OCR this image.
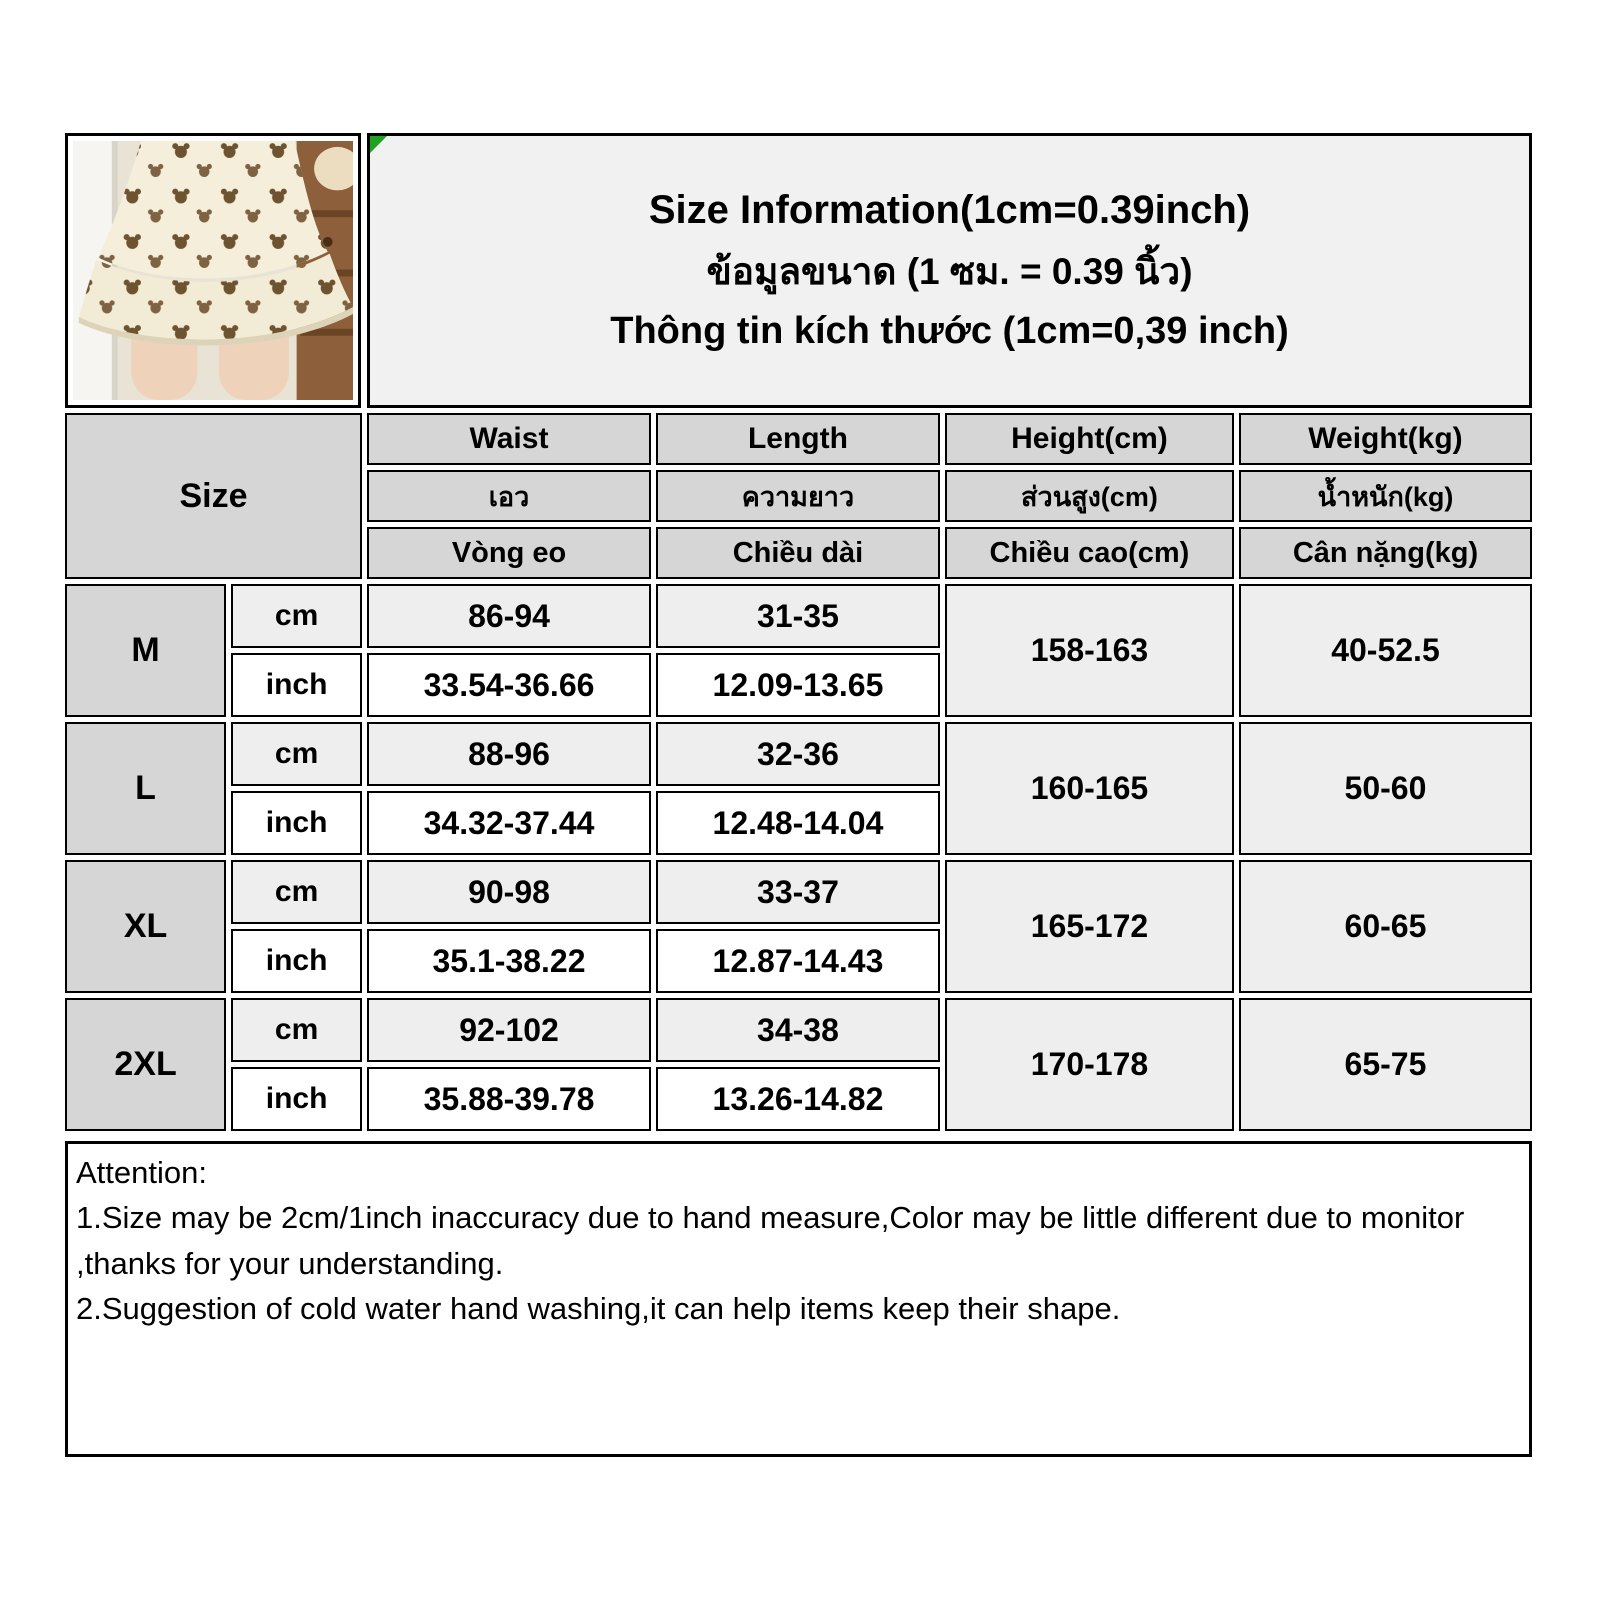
Size Information(1cm=0.39inch)
ข้อมูลขนาด (1 ซม. = 0.39 นิ้ว)
Thông tin kích thước (1cm=0,39 inch)
Size		Waist	Length	Height(cm)	Weight(kg)
		เอว	ความยาว	ส่วนสูง(cm)	น้ำหนัก(kg)
		Vòng eo	Chiều dài	Chiều cao(cm)	Cân nặng(kg)
M	cm	86-94	31-35	158-163	40-52.5
	inch	33.54-36.66	12.09-13.65		
L	cm	88-96	32-36	160-165	50-60
	inch	34.32-37.44	12.48-14.04		
XL	cm	90-98	33-37	165-172	60-65
	inch	35.1-38.22	12.87-14.43		
2XL	cm	92-102	34-38	170-178	65-75
	inch	35.88-39.78	13.26-14.82		
Attention:
1.Size may be 2cm/1inch inaccuracy due to hand measure,Color may be little different due to monitor ,thanks for your understanding.
2.Suggestion of cold water hand washing,it can help items keep their shape.
